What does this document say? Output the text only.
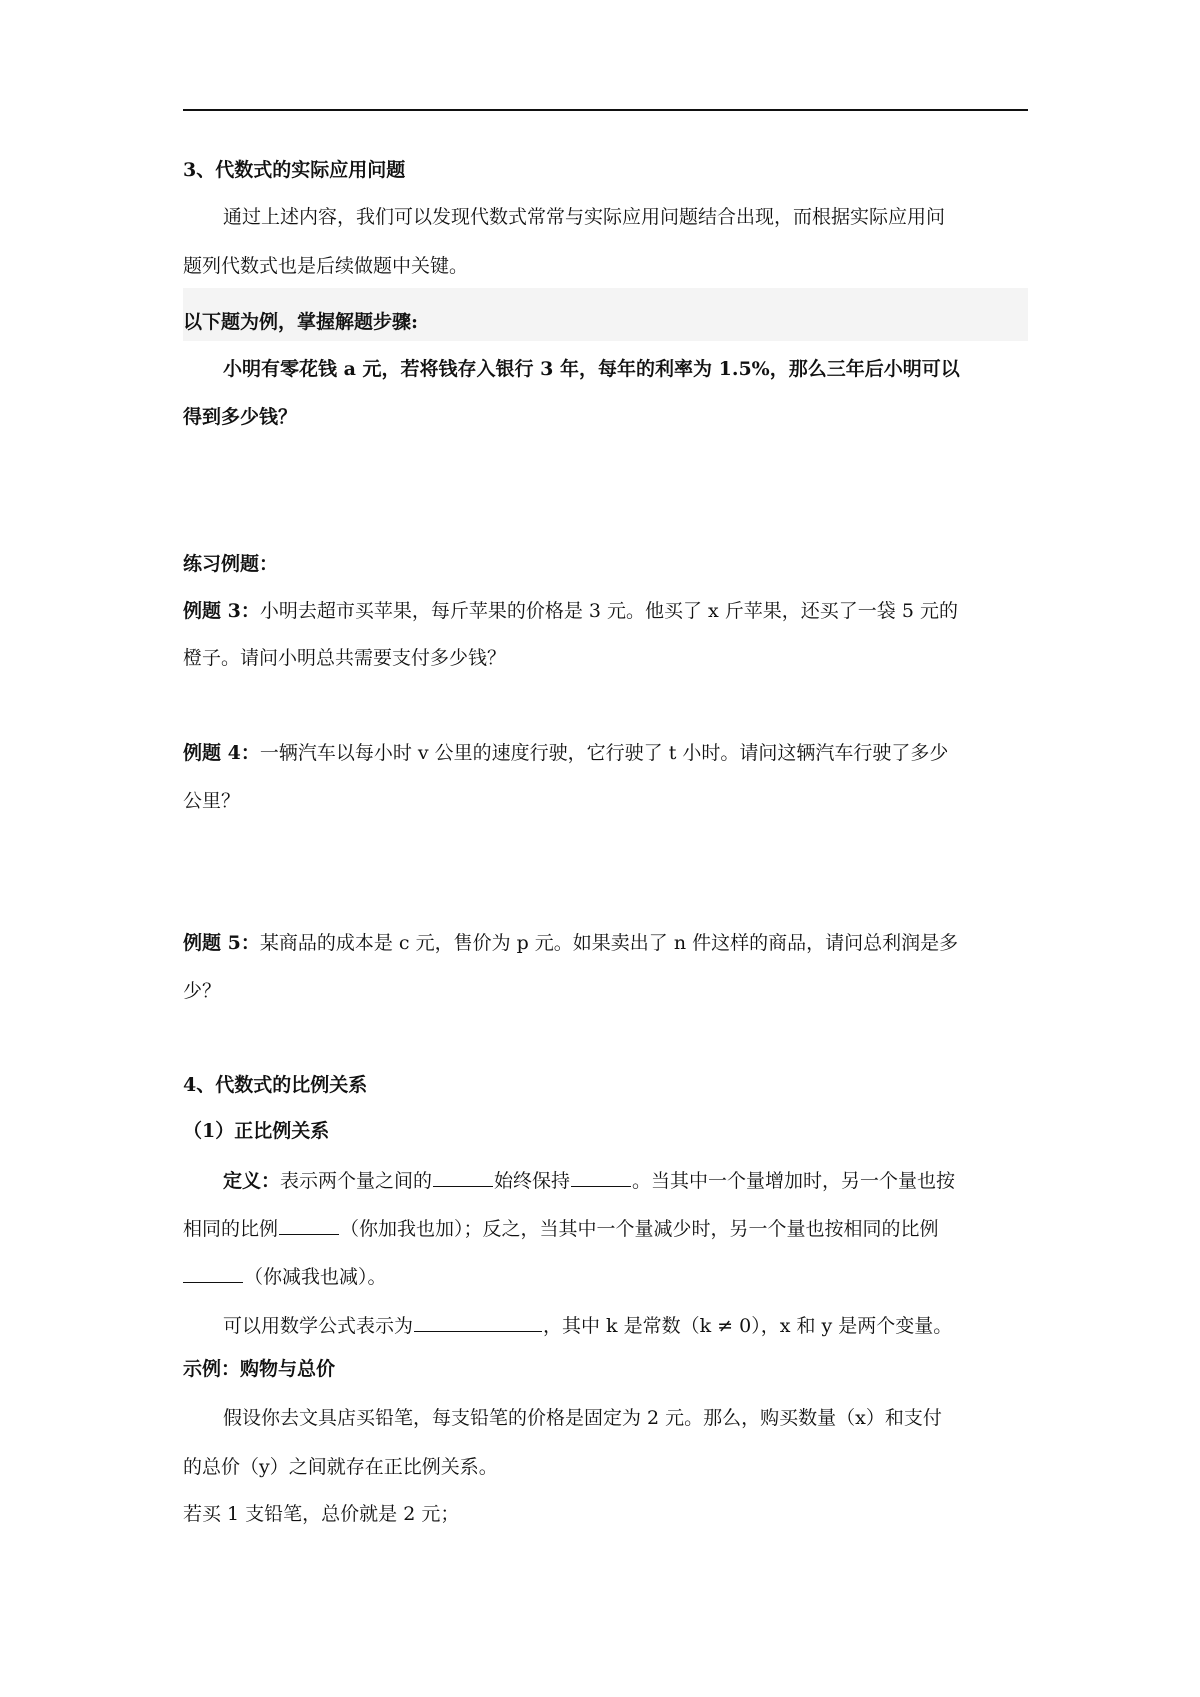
3、代数式的实际应用问题
通过上述内容，我们可以发现代数式常常与实际应用问题结合出现，而根据实际应用问
题列代数式也是后续做题中关键。
以下题为例，掌握解题步骤:
小明有零花钱 a 元，若将钱存入银行 3 年，每年的利率为 1.5%，那么三年后小明可以
得到多少钱？
练习例题：
例题 3：小明去超市买苹果，每斤苹果的价格是 3 元。他买了 x 斤苹果，还买了一袋 5 元的
橙子。请问小明总共需要支付多少钱？
例题 4：一辆汽车以每小时 v 公里的速度行驶，它行驶了 t 小时。请问这辆汽车行驶了多少
公里？
例题 5：某商品的成本是 c 元，售价为 p 元。如果卖出了 n 件这样的商品，请问总利润是多
少？
4、代数式的比例关系
（1）正比例关系
定义：表示两个量之间的	始终保持	。当其中一个量增加时，另一个量也按
相同的比例	（你加我也加）；反之，当其中一个量减少时，另一个量也按相同的比例
（你减我也减）。
可以用数学公式表示为	，其中 k 是常数（k ≠ 0），x 和 y 是两个变量。
示例：购物与总价
假设你去文具店买铅笔，每支铅笔的价格是固定为 2 元。那么，购买数量（x）和支付
的总价（y）之间就存在正比例关系。
若买 1 支铅笔，总价就是 2 元；
